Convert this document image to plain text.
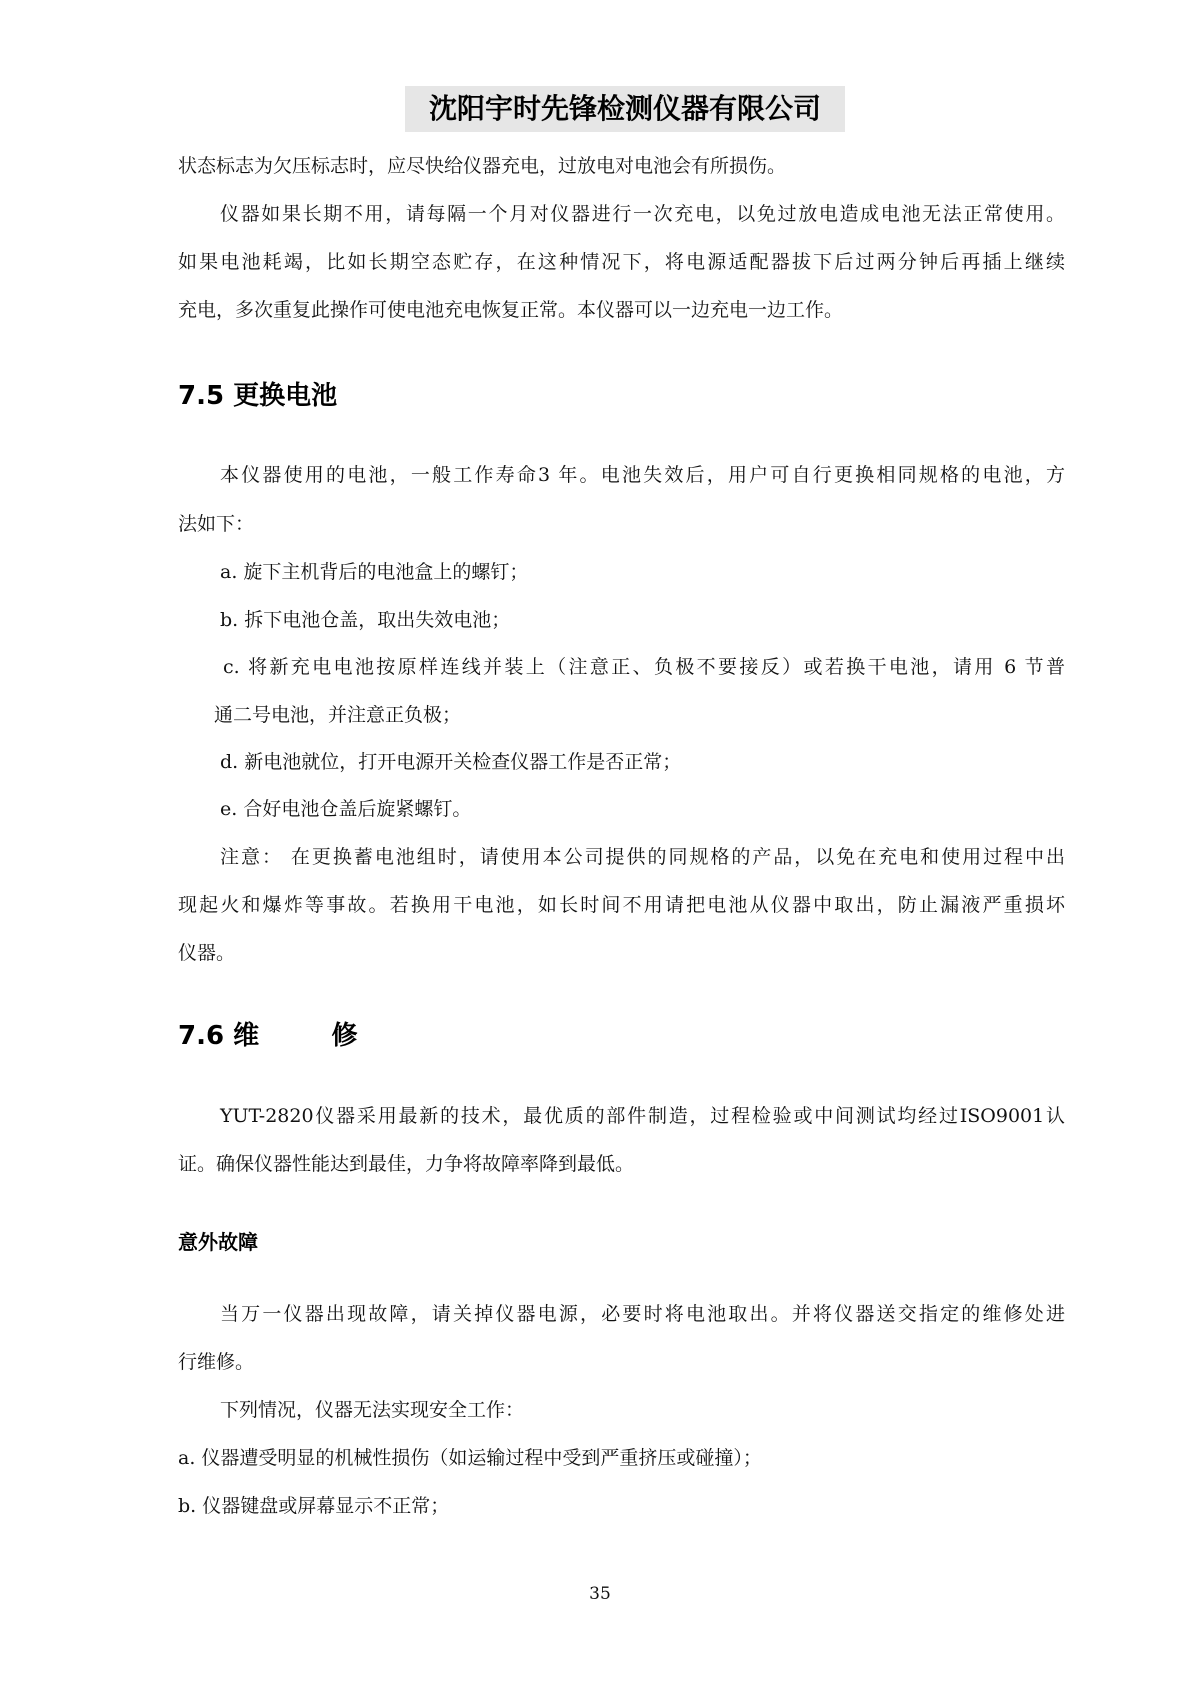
沈阳宇时先锋检测仪器有限公司
状态标志为欠压标志时，应尽快给仪器充电，过放电对电池会有所损伤。
仪器如果长期不用，请每隔一个月对仪器进行一次充电，以免过放电造成电池无法正常使用。
如果电池耗竭，比如长期空态贮存，在这种情况下，将电源适配器拔下后过两分钟后再插上继续
充电，多次重复此操作可使电池充电恢复正常。本仪器可以一边充电一边工作。
7.5 更换电池
本仪器使用的电池，一般工作寿命3 年。电池失效后，用户可自行更换相同规格的电池，方
法如下：
a. 旋下主机背后的电池盒上的螺钉；
b. 拆下电池仓盖，取出失效电池；
c. 将新充电电池按原样连线并装上（注意正、负极不要接反）或若换干电池，请用 6 节普
通二号电池，并注意正负极；
d. 新电池就位，打开电源开关检查仪器工作是否正常；
e. 合好电池仓盖后旋紧螺钉。
注意： 在更换蓄电池组时，请使用本公司提供的同规格的产品，以免在充电和使用过程中出
现起火和爆炸等事故。若换用干电池，如长时间不用请把电池从仪器中取出，防止漏液严重损坏
仪器。
7.6 维        修
YUT-2820仪器采用最新的技术，最优质的部件制造，过程检验或中间测试均经过ISO9001认
证。确保仪器性能达到最佳，力争将故障率降到最低。
意外故障
当万一仪器出现故障，请关掉仪器电源，必要时将电池取出。并将仪器送交指定的维修处进
行维修。
下列情况，仪器无法实现安全工作：
a. 仪器遭受明显的机械性损伤（如运输过程中受到严重挤压或碰撞）；
b. 仪器键盘或屏幕显示不正常；
35
